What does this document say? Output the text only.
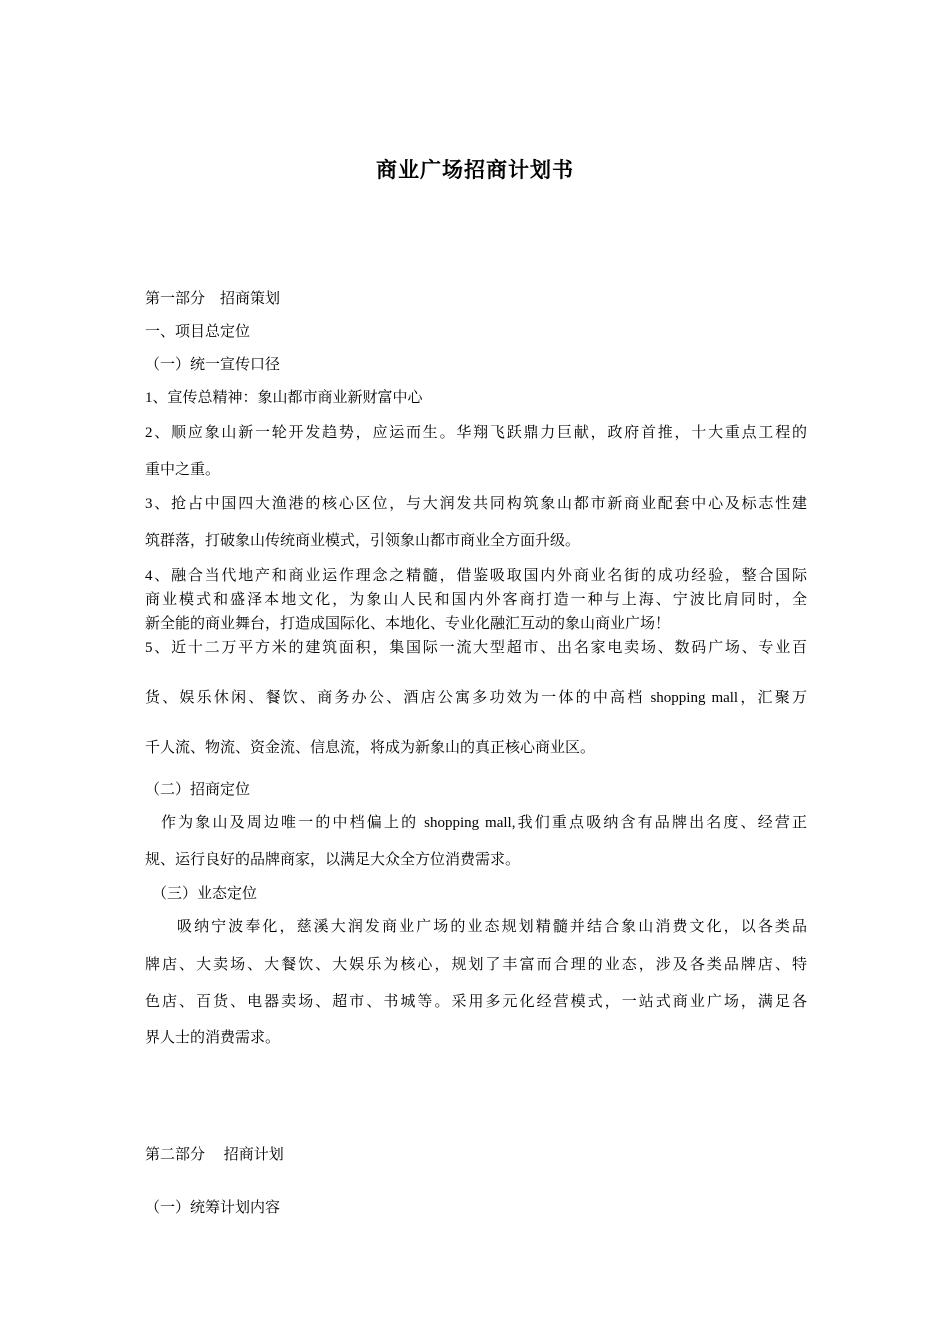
商业广场招商计划书
第一部分　招商策划
一、项目总定位
（一）统一宣传口径
1、宣传总精神：象山都市商业新财富中心
2、顺应象山新一轮开发趋势，应运而生。华翔飞跃鼎力巨献，政府首推，十大重点工程的
重中之重。
3、抢占中国四大渔港的核心区位，与大润发共同构筑象山都市新商业配套中心及标志性建
筑群落，打破象山传统商业模式，引领象山都市商业全方面升级。
4、融合当代地产和商业运作理念之精髓，借鉴吸取国内外商业名街的成功经验，整合国际
商业模式和盛泽本地文化，为象山人民和国内外客商打造一种与上海、宁波比肩同时，全
新全能的商业舞台，打造成国际化、本地化、专业化融汇互动的象山商业广场！
5、近十二万平方米的建筑面积，集国际一流大型超市、出名家电卖场、数码广场、专业百
货、娱乐休闲、餐饮、商务办公、酒店公寓多功效为一体的中高档 shopping mall，汇聚万
千人流、物流、资金流、信息流，将成为新象山的真正核心商业区。
（二）招商定位
作为象山及周边唯一的中档偏上的 shopping mall,我们重点吸纳含有品牌出名度、经营正
规、运行良好的品牌商家，以满足大众全方位消费需求。
（三）业态定位
吸纳宁波奉化，慈溪大润发商业广场的业态规划精髓并结合象山消费文化，以各类品
牌店、大卖场、大餐饮、大娱乐为核心，规划了丰富而合理的业态，涉及各类品牌店、特
色店、百货、电器卖场、超市、书城等。采用多元化经营模式，一站式商业广场，满足各
界人士的消费需求。
第二部分　 招商计划
（一）统筹计划内容
